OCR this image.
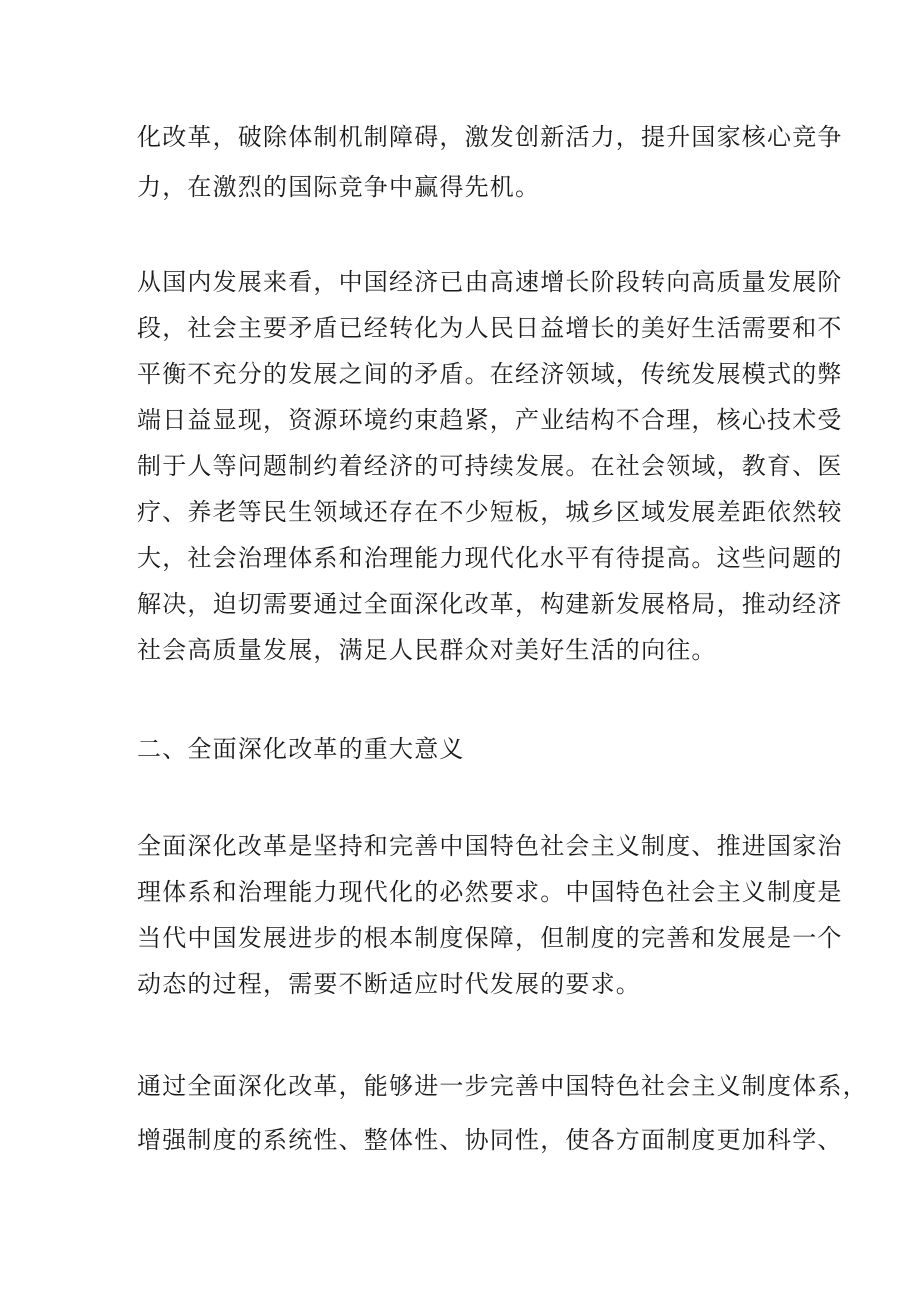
化改革，破除体制机制障碍，激发创新活力，提升国家核心竞争
力，在激烈的国际竞争中赢得先机。
从国内发展来看，中国经济已由高速增长阶段转向高质量发展阶
段，社会主要矛盾已经转化为人民日益增长的美好生活需要和不
平衡不充分的发展之间的矛盾。在经济领域，传统发展模式的弊
端日益显现，资源环境约束趋紧，产业结构不合理，核心技术受
制于人等问题制约着经济的可持续发展。在社会领域，教育、医
疗、养老等民生领域还存在不少短板，城乡区域发展差距依然较
大，社会治理体系和治理能力现代化水平有待提高。这些问题的
解决，迫切需要通过全面深化改革，构建新发展格局，推动经济
社会高质量发展，满足人民群众对美好生活的向往。
二、全面深化改革的重大意义
全面深化改革是坚持和完善中国特色社会主义制度、推进国家治
理体系和治理能力现代化的必然要求。中国特色社会主义制度是
当代中国发展进步的根本制度保障，但制度的完善和发展是一个
动态的过程，需要不断适应时代发展的要求。
通过全面深化改革，能够进一步完善中国特色社会主义制度体系，
增强制度的系统性、整体性、协同性，使各方面制度更加科学、
